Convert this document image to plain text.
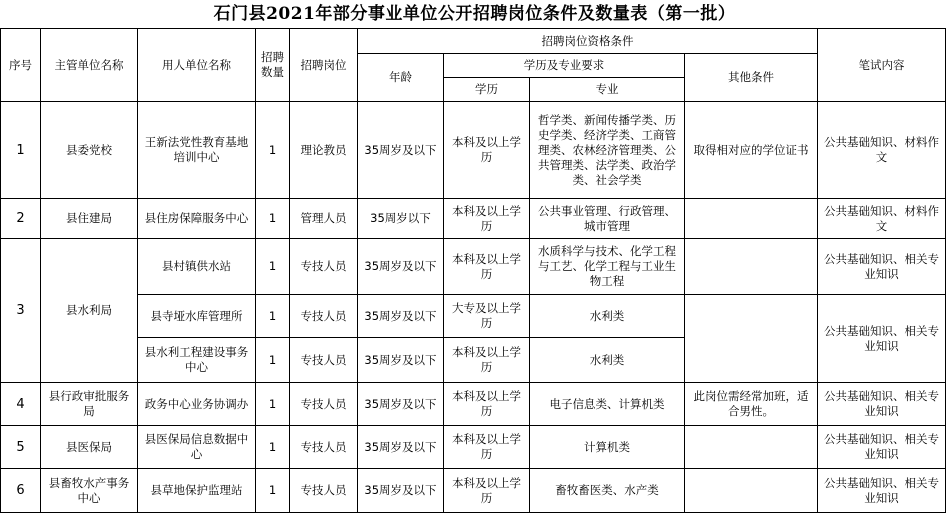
石门县2021年部分事业单位公开招聘岗位条件及数量表（第一批）
序号	主管单位名称	用人单位名称	招聘数量	招聘岗位	招聘岗位资格条件				笔试内容
					年龄	学历及专业要求		其他条件	
						学历	专业		
1	县委党校	王新法党性教育基地培训中心	1	理论教员	35周岁及以下	本科及以上学历	哲学类、新闻传播学类、历史学类、经济学类、工商管理类、农林经济管理类、公共管理类、法学类、政治学类、社会学类	取得相对应的学位证书	公共基础知识、材料作文
2	县住建局	县住房保障服务中心	1	管理人员	35周岁以下	本科及以上学历	公共事业管理、行政管理、城市管理		公共基础知识、材料作文
3	县水利局	县村镇供水站	1	专技人员	35周岁及以下	本科及以上学历	水质科学与技术、化学工程与工艺、化学工程与工业生物工程		公共基础知识、相关专业知识
		县寺垭水库管理所	1	专技人员	35周岁及以下	大专及以上学历	水利类		公共基础知识、相关专业知识
		县水利工程建设事务中心	1	专技人员	35周岁及以下	本科及以上学历	水利类		
4	县行政审批服务局	政务中心业务协调办	1	专技人员	35周岁及以下	本科及以上学历	电子信息类、计算机类	此岗位需经常加班，适合男性。	公共基础知识、相关专业知识
5	县医保局	县医保局信息数据中心	1	专技人员	35周岁及以下	本科及以上学历	计算机类		公共基础知识、相关专业知识
6	县畜牧水产事务中心	县草地保护监理站	1	专技人员	35周岁及以下	本科及以上学历	畜牧畜医类、水产类		公共基础知识、相关专业知识
